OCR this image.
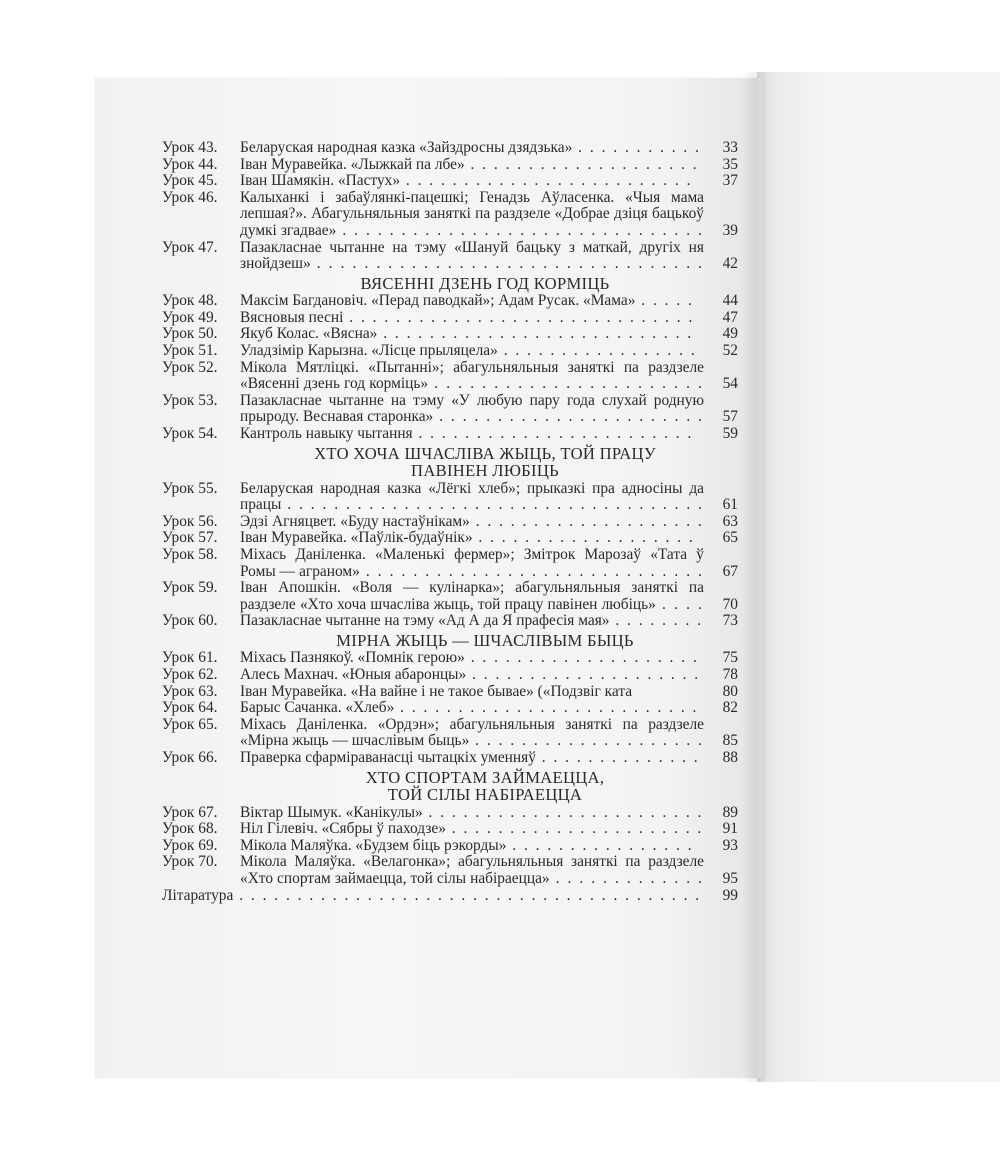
Урок 43.	Беларуская народная казка «Зайздросны дзядзька» . . . . . . . . . . .	33
Урок 44.	Іван Муравейка. «Лыжкай па лбе» . . . . . . . . . . . . . . . . . . . .	35
Урок 45.	Іван Шамякін. «Пастух» . . . . . . . . . . . . . . . . . . . . . . . . .	37
Урок 46.	Калыханкі і забаўлянкі-пацешкі; Генадзь Аўласенка. «Чыя мама лепшая?». Абагульняльныя заняткі па раздзеле «Добрае дзіця бацькоў думкі згадвае» . . . . . . . . . . . . . . . . . . . . . . . . . . . . . . .	39
Урок 47.	Пазакласнае чытанне на тэму «Шануй бацьку з маткай, другіх ня знойдзеш» . . . . . . . . . . . . . . . . . . . . . . . . . . . . . . . . .	42
ВЯСЕННІ ДЗЕНЬ ГОД КОРМІЦЬ
Урок 48.	Максім Багдановіч. «Перад паводкай»; Адам Русак. «Мама» . . . . .	44
Урок 49.	Вясновыя песні . . . . . . . . . . . . . . . . . . . . . . . . . . . . . .	47
Урок 50.	Якуб Колас. «Вясна» . . . . . . . . . . . . . . . . . . . . . . . . . . .	49
Урок 51.	Уладзімір Карызна. «Лісце прыляцела» . . . . . . . . . . . . . . . . .	52
Урок 52.	Мікола Мятліцкі. «Пытанні»; абагульняльныя заняткі па раздзеле «Вясенні дзень год корміць» . . . . . . . . . . . . . . . . . . . . . . .	54
Урок 53.	Пазакласнае чытанне на тэму «У любую пару года слухай родную прыроду. Веснавая старонка» . . . . . . . . . . . . . . . . . . . . . . .	57
Урок 54.	Кантроль навыку чытання . . . . . . . . . . . . . . . . . . . . . . . .	59
ХТО ХОЧА ШЧАСЛІВА ЖЫЦЬ, ТОЙ ПРАЦУ
ПАВІНЕН ЛЮБІЦЬ
Урок 55.	Беларуская народная казка «Лёгкі хлеб»; прыказкі пра адносіны да працы . . . . . . . . . . . . . . . . . . . . . . . . . . . . . . . . . . . .	61
Урок 56.	Эдзі Агняцвет. «Буду настаўнікам» . . . . . . . . . . . . . . . . . . . .	63
Урок 57.	Іван Муравейка. «Паўлік-будаўнік» . . . . . . . . . . . . . . . . . . .	65
Урок 58.	Міхась Даніленка. «Маленькі фермер»; Змітрок Марозаў «Тата ў Ромы — аграном» . . . . . . . . . . . . . . . . . . . . . . . . . . . . .	67
Урок 59.	Іван Апошкін. «Воля — кулінарка»; абагульняльныя заняткі па раздзеле «Хто хоча шчасліва жыць, той працу павінен любіць» . . . .	70
Урок 60.	Пазакласнае чытанне на тэму «Ад А да Я прафесія мая» . . . . . . . .	73
МІРНА ЖЫЦЬ — ШЧАСЛІВЫМ БЫЦЬ
Урок 61.	Міхась Пазнякоў. «Помнік герою» . . . . . . . . . . . . . . . . . . . .	75
Урок 62.	Алесь Махнач. «Юныя абаронцы» . . . . . . . . . . . . . . . . . . . .	78
Урок 63.	Іван Муравейка. «На вайне і не такое бывае» («Подзвіг ката	80
Урок 64.	Барыс Сачанка. «Хлеб» . . . . . . . . . . . . . . . . . . . . . . . . . .	82
Урок 65.	Міхась Даніленка. «Ордэн»; абагульняльныя заняткі па раздзеле «Мірна жыць — шчаслівым быць» . . . . . . . . . . . . . . . . . . . .	85
Урок 66.	Праверка сфарміраванасці чытацкіх уменняў . . . . . . . . . . . . . .	88
ХТО СПОРТАМ ЗАЙМАЕЦЦА,
ТОЙ СІЛЫ НАБІРАЕЦЦА
Урок 67.	Віктар Шымук. «Канікулы» . . . . . . . . . . . . . . . . . . . . . . . .	89
Урок 68.	Ніл Гілевіч. «Сябры ў паходзе» . . . . . . . . . . . . . . . . . . . . . .	91
Урок 69.	Мікола Маляўка. «Будзем біць рэкорды» . . . . . . . . . . . . . . . .	93
Урок 70.	Мікола Маляўка. «Велагонка»; абагульняльныя заняткі па раздзеле «Хто спортам займаецца, той сілы набіраецца» . . . . . . . . . . . . .	95
Літаратура . . . . . . . . . . . . . . . . . . . . . . . . . . . . . . . . . . . . . . . .	99
